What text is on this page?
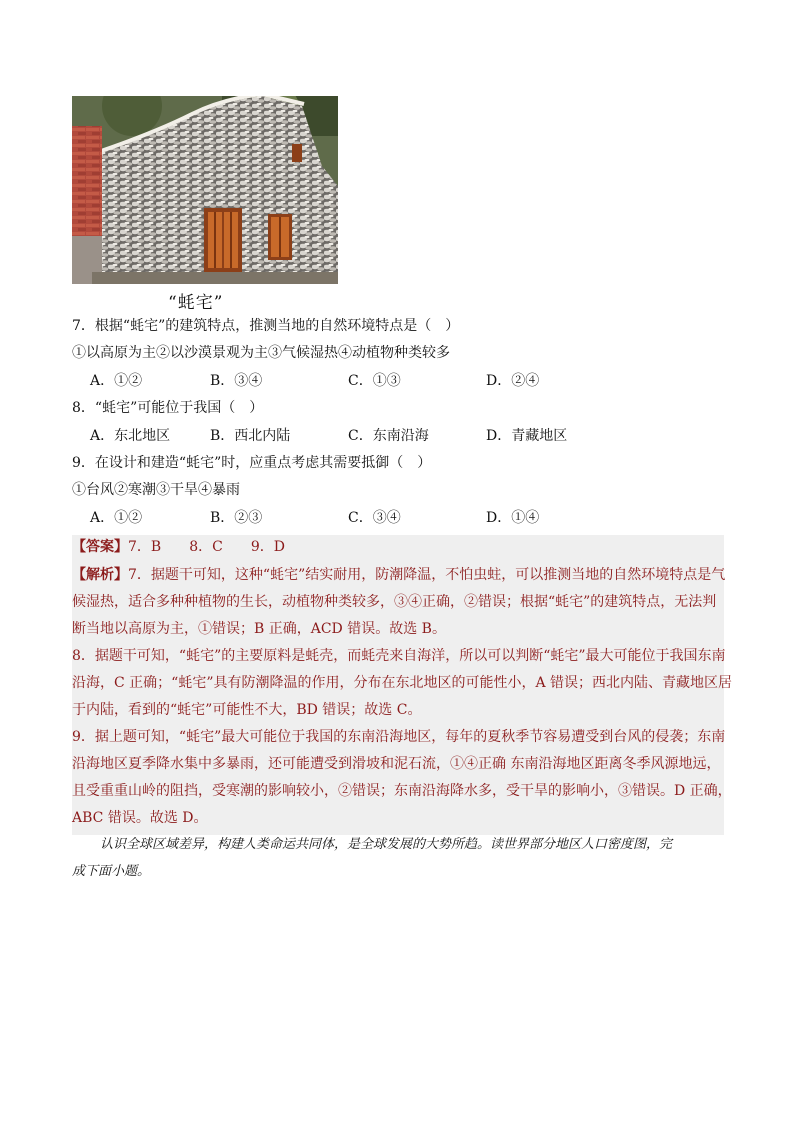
“蚝宅”
7．根据“蚝宅”的建筑特点，推测当地的自然环境特点是（　）
①以高原为主②以沙漠景观为主③气候湿热④动植物种类较多
A．①②	B．③④	C．①③	D．②④
8．“蚝宅”可能位于我国（　）
A．东北地区	B．西北内陆	C．东南沿海	D．青藏地区
9．在设计和建造“蚝宅”时，应重点考虑其需要抵御（　）
①台风②寒潮③干旱④暴雨
A．①②	B．②③	C．③④	D．①④
【答案】7．B　　8．C　　9．D
【解析】7．据题干可知，这种“蚝宅”结实耐用，防潮降温，不怕虫蛀，可以推测当地的自然环境特点是气
候湿热，适合多种种植物的生长，动植物种类较多，③④正确，②错误；根据“蚝宅”的建筑特点，无法判
断当地以高原为主，①错误；B 正确，ACD 错误。故选 B。
8．据题干可知，“蚝宅”的主要原料是蚝壳，而蚝壳来自海洋，所以可以判断“蚝宅”最大可能位于我国东南
沿海，C 正确；“蚝宅”具有防潮降温的作用，分布在东北地区的可能性小，A 错误；西北内陆、青藏地区居
于内陆，看到的“蚝宅”可能性不大，BD 错误；故选 C。
9．据上题可知，“蚝宅”最大可能位于我国的东南沿海地区，每年的夏秋季节容易遭受到台风的侵袭；东南
沿海地区夏季降水集中多暴雨，还可能遭受到滑坡和泥石流，①④正确 东南沿海地区距离冬季风源地远，
且受重重山岭的阻挡，受寒潮的影响较小，②错误；东南沿海降水多，受干旱的影响小，③错误。D 正确，
ABC 错误。故选 D。
认识全球区域差异，构建人类命运共同体，是全球发展的大势所趋。读世界部分地区人口密度图，完
成下面小题。
